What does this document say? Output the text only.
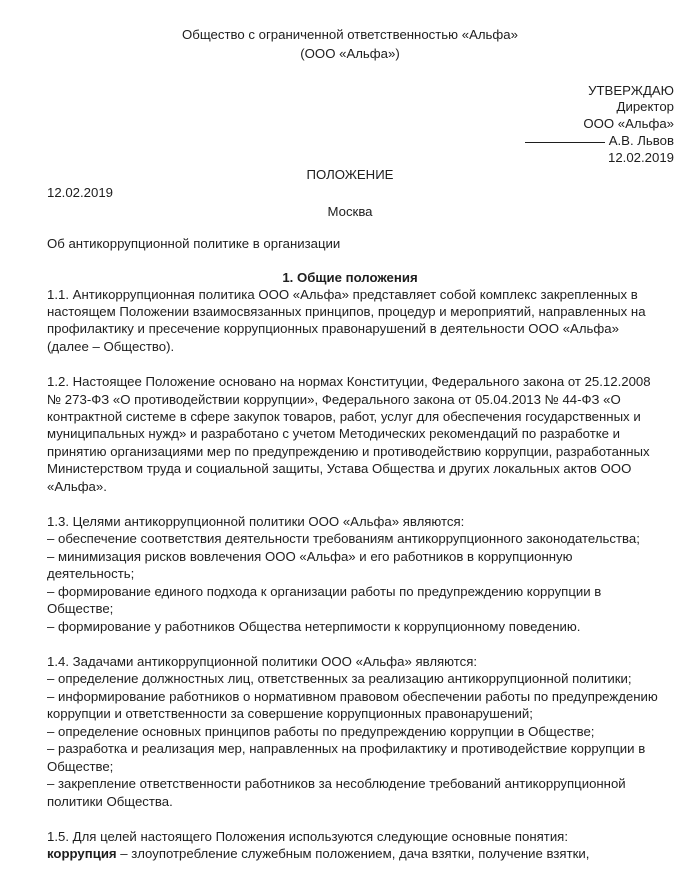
Общество с ограниченной ответственностью «Альфа»
(ООО «Альфа»)
УТВЕРЖДАЮ
Директор
ООО «Альфа»
А.В. Львов
12.02.2019
ПОЛОЖЕНИЕ
12.02.2019
Москва
Об антикоррупционной политике в организации
1. Общие положения
1.1. Антикоррупционная политика ООО «Альфа» представляет собой комплекс закрепленных в
настоящем Положении взаимосвязанных принципов, процедур и мероприятий, направленных на
профилактику и пресечение коррупционных правонарушений в деятельности ООО «Альфа»
(далее – Общество).
1.2. Настоящее Положение основано на нормах Конституции, Федерального закона от 25.12.2008
№ 273-ФЗ «О противодействии коррупции», Федерального закона от 05.04.2013 № 44-ФЗ «О
контрактной системе в сфере закупок товаров, работ, услуг для обеспечения государственных и
муниципальных нужд» и разработано с учетом Методических рекомендаций по разработке и
принятию организациями мер по предупреждению и противодействию коррупции, разработанных
Министерством труда и социальной защиты, Устава Общества и других локальных актов ООО
«Альфа».
1.3. Целями антикоррупционной политики ООО «Альфа» являются:
– обеспечение соответствия деятельности требованиям антикоррупционного законодательства;
– минимизация рисков вовлечения ООО «Альфа» и его работников в коррупционную
деятельность;
– формирование единого подхода к организации работы по предупреждению коррупции в
Обществе;
– формирование у работников Общества нетерпимости к коррупционному поведению.
1.4. Задачами антикоррупционной политики ООО «Альфа» являются:
– определение должностных лиц, ответственных за реализацию антикоррупционной политики;
– информирование работников о нормативном правовом обеспечении работы по предупреждению
коррупции и ответственности за совершение коррупционных правонарушений;
– определение основных принципов работы по предупреждению коррупции в Обществе;
– разработка и реализация мер, направленных на профилактику и противодействие коррупции в
Обществе;
– закрепление ответственности работников за несоблюдение требований антикоррупционной
политики Общества.
1.5. Для целей настоящего Положения используются следующие основные понятия:
коррупция – злоупотребление служебным положением, дача взятки, получение взятки,
